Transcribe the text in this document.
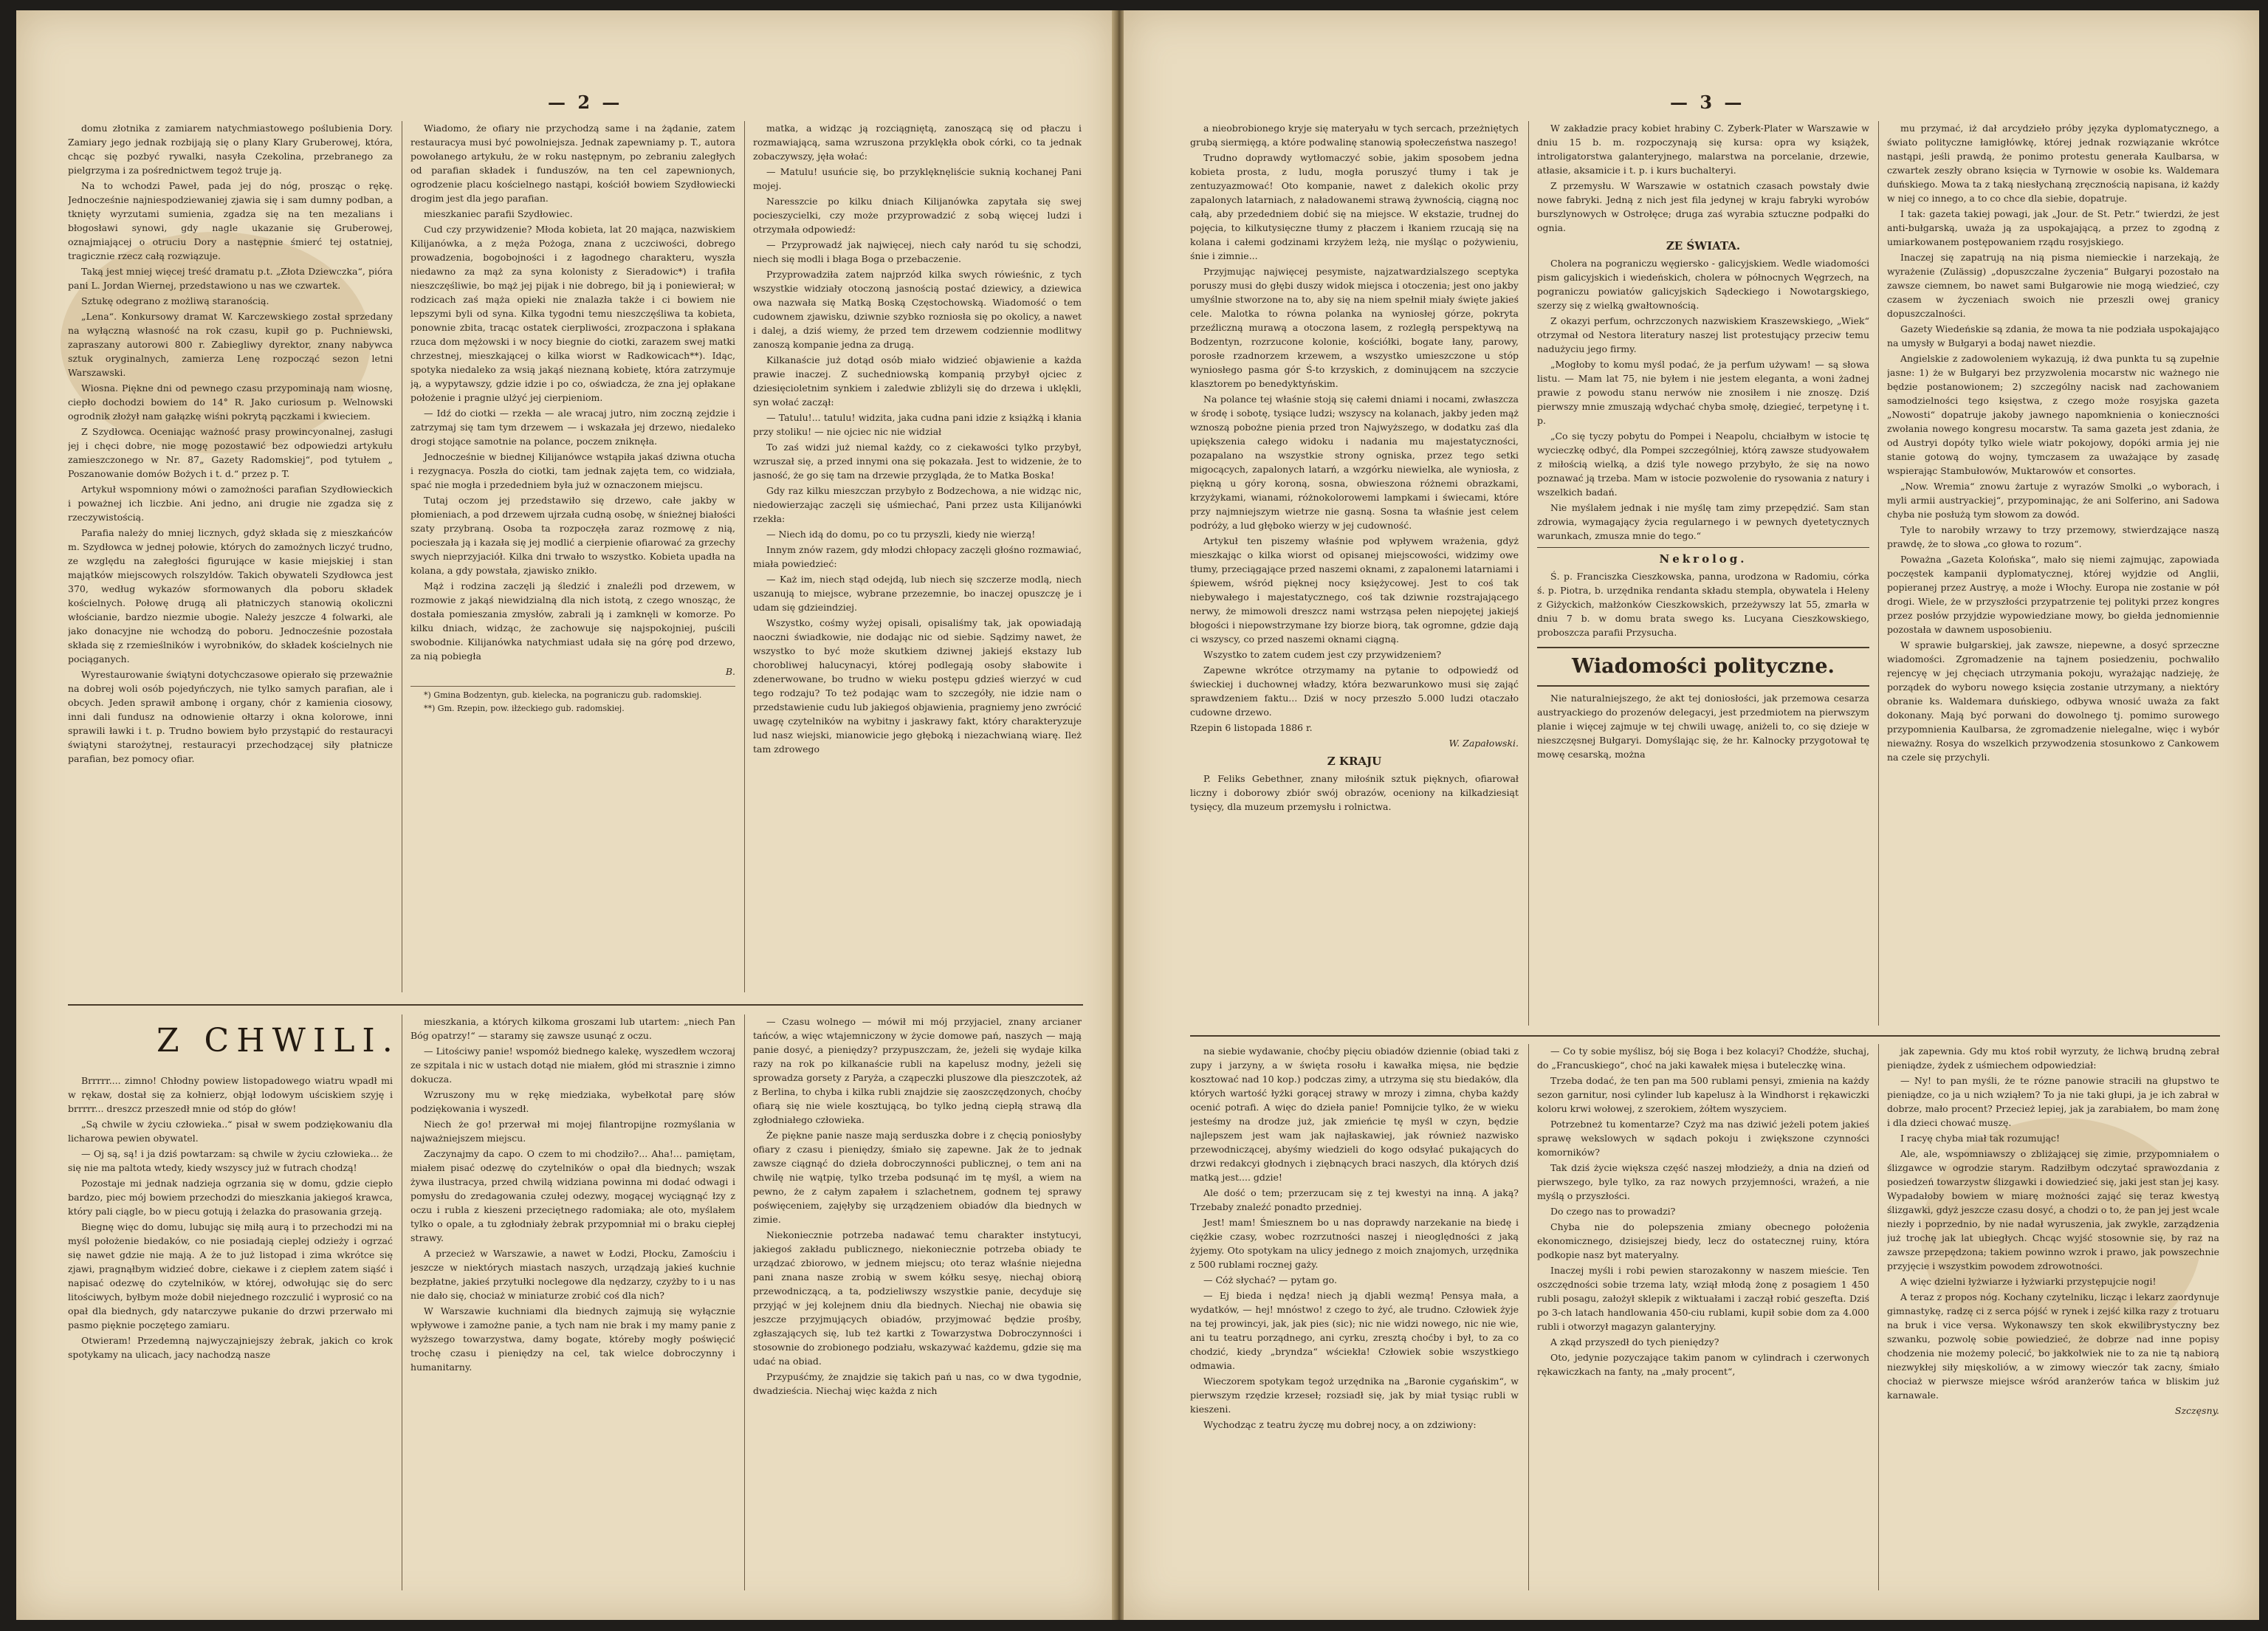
— 2 —

domu złotnika z zamiarem natychmiastowego poślubienia Dory. Zamiary jego jednak rozbijają się o plany Klary Gruberowej, która, chcąc się pozbyć rywalki, nasyła Czekolina, przebranego za pielgrzyma i za pośrednictwem tegoż truje ją.

Na to wchodzi Paweł, pada jej do nóg, prosząc o rękę. Jednocześnie najniespodziewaniej zjawia się i sam dumny podban, a tknięty wyrzutami sumienia, zgadza się na ten mezalians i błogosławi synowi, gdy nagle ukazanie się Gruberowej, oznajmiającej o otruciu Dory a następnie śmierć tej ostatniej, tragicznie rzecz całą rozwiązuje.

Taką jest mniej więcej treść dramatu p.t. „Złota Dziewczka“, pióra pani L. Jordan Wiernej, przedstawiono u nas we czwartek.

Sztukę odegrano z możliwą staranością.

„Lena“. Konkursowy dramat W. Karczewskiego został sprzedany na wyłączną własność na rok czasu, kupił go p. Puchniewski, zapraszany autorowi 800 r. Zabiegliwy dyrektor, znany nabywca sztuk oryginalnych, zamierza Lenę rozpocząć sezon letni Warszawski.

Wiosna. Piękne dni od pewnego czasu przypominają nam wiosnę, ciepło dochodzi bowiem do 14° R. Jako curiosum p. Welnowski ogrodnik złożył nam gałązkę wiśni pokrytą pączkami i kwieciem.

Z Szydłowca. Oceniając ważność prasy prowincyonalnej, zasługi jej i chęci dobre, nie mogę pozostawić bez odpowiedzi artykułu zamieszczonego w Nr. 87„ Gazety Radomskiej“, pod tytułem „ Poszanowanie domów Bożych i t. d.“ przez p. T.

Artykuł wspomniony mówi o zamożności parafian Szydłowieckich i poważnej ich liczbie. Ani jedno, ani drugie nie zgadza się z rzeczywistością.

Parafia należy do mniej licznych, gdyż składa się z mieszkańców m. Szydłowca w jednej połowie, których do zamożnych liczyć trudno, ze względu na załegłości figurujące w kasie miejskiej i stan majątków miejscowych rolszyldów. Takich obywateli Szydłowca jest 370, według wykazów sformowanych dla poboru składek kościelnych. Połowę drugą ali płatniczych stanowią okoliczni włościanie, bardzo niezmie ubogie. Należy jeszcze 4 folwarki, ale jako donacyjne nie wchodzą do poboru. Jednocześnie pozostała składa się z rzemieślników i wyrobników, do składek kościelnych nie pociąganych.

Wyrestaurowanie świątyni dotychczasowe opierało się przeważnie na dobrej woli osób pojedyńczych, nie tylko samych parafian, ale i obcych. Jeden sprawił ambonę i organy, chór z kamienia ciosowy, inni dali fundusz na odnowienie ołtarzy i okna kolorowe, inni sprawili ławki i t. p. Trudno bowiem było przystąpić do restauracyi świątyni starożytnej, restauracyi przechodzącej siły płatnicze parafian, bez pomocy ofiar.

Wiadomo, że ofiary nie przychodzą same i na żądanie, zatem restauracya musi być powolniejsza. Jednak zapewniamy p. T., autora powołanego artykułu, że w roku następnym, po zebraniu zaległych od parafian składek i funduszów, na ten cel zapewnionych, ogrodzenie placu kościelnego nastąpi, kościół bowiem Szydłowiecki drogim jest dla jego parafian.

mieszkaniec parafii Szydłowiec.

Cud czy przywidzenie? Młoda kobieta, lat 20 mająca, nazwiskiem Kilijanówka, a z męża Pożoga, znana z uczciwości, dobrego prowadzenia, bogobojności i z łagodnego charakteru, wyszła niedawno za mąż za syna kolonisty z Sieradowic*) i trafiła nieszczęśliwie, bo mąż jej pijak i nie dobrego, bił ją i poniewierał; w rodzicach zaś mąża opieki nie znalazła także i ci bowiem nie lepszymi byli od syna. Kilka tygodni temu nieszczęśliwa ta kobieta, ponownie zbita, tracąc ostatek cierpliwości, zrozpaczona i spłakana rzuca dom mężowski i w nocy biegnie do ciotki, zarazem swej matki chrzestnej, mieszkającej o kilka wiorst w Radkowicach**). Idąc, spotyka niedaleko za wsią jakąś nieznaną kobietę, która zatrzymuje ją, a wypytawszy, gdzie idzie i po co, oświadcza, że zna jej opłakane położenie i pragnie ulżyć jej cierpieniom.

— Idź do ciotki — rzekła — ale wracaj jutro, nim zoczną zejdzie i zatrzymaj się tam tym drzewem — i wskazała jej drzewo, niedaleko drogi stojące samotnie na polance, poczem zniknęła.

Jednocześnie w biednej Kilijanówce wstąpiła jakaś dziwna otucha i rezygnacya. Poszła do ciotki, tam jednak zajęta tem, co widziała, spać nie mogła i przededniem była już w oznaczonem miejscu.

Tutaj oczom jej przedstawiło się drzewo, całe jakby w płomieniach, a pod drzewem ujrzała cudną osobę, w śnieżnej białości szaty przybraną. Osoba ta rozpoczęła zaraz rozmowę z nią, pocieszała ją i kazała się jej modlić a cierpienie ofiarować za grzechy swych nieprzyjaciół. Kilka dni trwało to wszystko. Kobieta upadła na kolana, a gdy powstała, zjawisko znikło.

Mąż i rodzina zaczęli ją śledzić i znaleźli pod drzewem, w rozmowie z jakąś niewidzialną dla nich istotą, z czego wnosząc, że dostała pomieszania zmysłów, zabrali ją i zamknęli w komorze. Po kilku dniach, widząc, że zachowuje się najspokojniej, puścili swobodnie. Kilijanówka natychmiast udała się na górę pod drzewo, za nią pobiegła

B.

*) Gmina Bodzentyn, gub. kielecka, na pograniczu gub. radomskiej.

**) Gm. Rzepin, pow. iłżeckiego gub. radomskiej.

matka, a widząc ją rozciągniętą, zanoszącą się od płaczu i rozmawiającą, sama wzruszona przyklękła obok córki, co ta jednak zobaczywszy, jęła wołać:

— Matulu! usuńcie się, bo przyklęknęliście suknią kochanej Pani mojej.

Naresszcie po kilku dniach Kilijanówka zapytała się swej pocieszycielki, czy może przyprowadzić z sobą więcej ludzi i otrzymała odpowiedź:

— Przyprowadź jak najwięcej, niech cały naród tu się schodzi, niech się modli i błaga Boga o przebaczenie.

Przyprowadziła zatem najprzód kilka swych rówieśnic, z tych wszystkie widziały otoczoną jasnością postać dziewicy, a dziewica owa nazwała się Matką Boską Częstochowską. Wiadomość o tem cudownem zjawisku, dziwnie szybko rozniosła się po okolicy, a nawet i dalej, a dziś wiemy, że przed tem drzewem codziennie modlitwy zanoszą kompanie jedna za drugą.

Kilkanaście już dotąd osób miało widzieć objawienie a każda prawie inaczej. Z suchedniowską kompanią przybył ojciec z dziesięcioletnim synkiem i zaledwie zbliżyli się do drzewa i uklękli, syn wołać zaczął:

— Tatulu!... tatulu! widzita, jaka cudna pani idzie z książką i kłania przy stoliku! — nie ojciec nic nie widział

To zaś widzi już niemal każdy, co z ciekawości tylko przybył, wzruszał się, a przed innymi ona się pokazała. Jest to widzenie, że to jasność, że go się tam na drzewie przygląda, że to Matka Boska!

Gdy raz kilku mieszczan przybyło z Bodzechowa, a nie widząc nic, niedowierzając zaczęli się uśmiechać, Pani przez usta Kilijanówki rzekła:

— Niech idą do domu, po co tu przyszli, kiedy nie wierzą!

Innym znów razem, gdy młodzi chłopacy zaczęli głośno rozmawiać, miała powiedzieć:

— Każ im, niech stąd odejdą, lub niech się szczerze modlą, niech uszanują to miejsce, wybrane przezemnie, bo inaczej opuszczę je i udam się gdzieindziej.

Wszystko, cośmy wyżej opisali, opisaliśmy tak, jak opowiadają naoczni świadkowie, nie dodając nic od siebie. Sądzimy nawet, że wszystko to być może skutkiem dziwnej jakiejś ekstazy lub chorobliwej halucynacyi, której podlegają osoby słabowite i zdenerwowane, bo trudno w wieku postępu gdzieś wierzyć w cud tego rodzaju? To też podając wam to szczegóły, nie idzie nam o przedstawienie cudu lub jakiegoś objawienia, pragniemy jeno zwrócić uwagę czytelników na wybitny i jaskrawy fakt, który charakteryzuje lud nasz wiejski, mianowicie jego głęboką i niezachwianą wiarę. Ileż tam zdrowego

Z CHWILI.

Brrrrr.... zimno! Chłodny powiew listopadowego wiatru wpadł mi w rękaw, dostał się za kołnierz, objął lodowym uściskiem szyję i brrrrr... dreszcz przeszedł mnie od stóp do głów!

„Są chwile w życiu człowieka..“ pisał w swem podziękowaniu dla licharowa pewien obywatel.

— Oj są, są! i ja dziś powtarzam: są chwile w życiu człowieka... że się nie ma paltota wtedy, kiedy wszyscy już w futrach chodzą!

Pozostaje mi jednak nadzieja ogrzania się w domu, gdzie ciepło bardzo, piec mój bowiem przechodzi do mieszkania jakiegoś krawca, który pali ciągle, bo w piecu gotują i żelazka do prasowania grzeją.

Biegnę więc do domu, lubując się miłą aurą i to przechodzi mi na myśl położenie biedaków, co nie posiadają cieplej odzieży i ogrzać się nawet gdzie nie mają. A że to już listopad i zima wkrótce się zjawi, pragnąłbym widzieć dobre, ciekawe i z ciepłem zatem siąść i napisać odezwę do czytelników, w której, odwołując się do serc litościwych, byłbym może dobił niejednego rozczulić i wyprosić co na opał dla biednych, gdy natarczywe pukanie do drzwi przerwało mi pasmo pięknie poczętego zamiaru.

Otwieram! Przedemną najwyczajniejszy żebrak, jakich co krok spotykamy na ulicach, jacy nachodzą nasze

mieszkania, a których kilkoma groszami lub utartem: „niech Pan Bóg opatrzy!“ — staramy się zawsze usunąć z oczu.

— Litościwy panie! wspomóż biednego kalekę, wyszedłem wczoraj ze szpitala i nic w ustach dotąd nie miałem, głód mi strasznie i zimno dokucza.

Wzruszony mu w rękę miedziaka, wybełkotał parę słów podziękowania i wyszedł.

Niech że go! przerwał mi mojej filantropijne rozmyślania w najważniejszem miejscu.

Zaczynajmy da capo. O czem to mi chodziło?... Aha!... pamiętam, miałem pisać odezwę do czytelników o opał dla biednych; wszak żywa ilustracya, przed chwilą widziana powinna mi dodać odwagi i pomysłu do zredagowania czułej odezwy, mogącej wyciągnąć łzy z oczu i rubla z kieszeni przeciętnego radomiaka; ale oto, myślałem tylko o opale, a tu zgłodniały żebrak przypomniał mi o braku ciepłej strawy.

A przecież w Warszawie, a nawet w Łodzi, Płocku, Zamościu i jeszcze w niektórych miastach naszych, urządzają jakieś kuchnie bezpłatne, jakieś przytułki noclegowe dla nędzarzy, czyżby to i u nas nie dało się, chociaż w miniaturze zrobić coś dla nich?

W Warszawie kuchniami dla biednych zajmują się wyłącznie wpływowe i zamożne panie, a tych nam nie brak i my mamy panie z wyższego towarzystwa, damy bogate, któreby mogły poświęcić trochę czasu i pieniędzy na cel, tak wielce dobroczynny i humanitarny.

— Czasu wolnego — mówił mi mój przyjaciel, znany arcianer tańców, a więc wtajemniczony w życie domowe pań, naszych — mają panie dosyć, a pieniędzy? przypuszczam, że, jeżeli się wydaje kilka razy na rok po kilkanaście rubli na kapelusz modny, jeżeli się sprowadza gorsety z Paryża, a cząpeczki pluszowe dla pieszczotek, aż z Berlina, to chyba i kilka rubli znajdzie się zaoszczędzonych, choćby ofiarą się nie wiele kosztującą, bo tylko jedną ciepłą strawą dla zgłodniałego człowieka.

Że piękne panie nasze mają serduszka dobre i z chęcią poniosłyby ofiary z czasu i pieniędzy, śmiało się zapewne. Jak że to jednak zawsze ciągnąć do dzieła dobroczynności publicznej, o tem ani na chwilę nie wątpię, tylko trzeba podsunąć im tę myśl, a wiem na pewno, że z całym zapałem i szlachetnem, godnem tej sprawy poświęceniem, zajęłyby się urządzeniem obiadów dla biednych w zimie.

Niekoniecznie potrzeba nadawać temu charakter instytucyi, jakiegoś zakładu publicznego, niekoniecznie potrzeba obiady te urządzać zbiorowo, w jednem miejscu; oto teraz właśnie niejedna pani znana nasze zrobią w swem kółku sesyę, niechaj obiorą przewodniczącą, a ta, podzieliwszy wszystkie panie, decyduje się przyjąć w jej kolejnem dniu dla biednych. Niechaj nie obawia się jeszcze przyjmujących obiadów, przyjmować będzie prośby, zgłaszających się, lub też kartki z Towarzystwa Dobroczynności i stosownie do zrobionego podziału, wskazywać każdemu, gdzie się ma udać na obiad.

Przypuśćmy, że znajdzie się takich pań u nas, co w dwa tygodnie, dwadzieścia. Niechaj więc każda z nich

— 3 —

a nieobrobionego kryje się materyału w tych sercach, przeżniętych grubą siermięgą, a które podwalinę stanowią społeczeństwa naszego!

Trudno doprawdy wytłomaczyć sobie, jakim sposobem jedna kobieta prosta, z ludu, mogła poruszyć tłumy i tak je zentuzyazmować! Oto kompanie, nawet z dalekich okolic przy zapalonych latarniach, z naładowanemi strawą żywnością, ciągną noc całą, aby przededniem dobić się na miejsce. W ekstazie, trudnej do pojęcia, to kilkutysięczne tłumy z płaczem i łkaniem rzucają się na kolana i całemi godzinami krzyżem leżą, nie myśląc o pożywieniu, śnie i zimnie...

Przyjmując najwięcej pesymiste, najzatwardzialszego sceptyka poruszy musi do głębi duszy widok miejsca i otoczenia; jest ono jakby umyślnie stworzone na to, aby się na niem spełnił miały święte jakieś cele. Malotka to równa polanka na wyniosłej górze, pokryta przeźliczną murawą a otoczona lasem, z rozległą perspektywą na Bodzentyn, rozrzucone kolonie, kościółki, bogate łany, parowy, porosłe rzadnorzem krzewem, a wszystko umieszczone u stóp wyniosłego pasma gór Ś-to krzyskich, z dominującem na szczycie klasztorem po benedyktyńskim.

Na polance tej właśnie stoją się całemi dniami i nocami, zwłaszcza w środę i sobotę, tysiące ludzi; wszyscy na kolanach, jakby jeden mąż wznoszą pobożne pienia przed tron Najwyższego, w dodatku zaś dla upiększenia całego widoku i nadania mu majestatyczności, pozapalano na wszystkie strony ogniska, przez tego setki migocących, zapalonych latarń, a wzgórku niewielka, ale wyniosła, z piękną u góry koroną, sosna, obwieszona różnemi obrazkami, krzyżykami, wianami, różnokolorowemi lampkami i świecami, które przy najmniejszym wietrze nie gasną. Sosna ta właśnie jest celem podróży, a lud głęboko wierzy w jej cudowność.

Artykuł ten piszemy właśnie pod wpływem wrażenia, gdyż mieszkając o kilka wiorst od opisanej miejscowości, widzimy owe tłumy, przeciągające przed naszemi oknami, z zapalonemi latarniami i śpiewem, wśród pięknej nocy księżycowej. Jest to coś tak niebywałego i majestatycznego, coś tak dziwnie rozstrajającego nerwy, że mimowoli dreszcz nami wstrząsa pełen niepojętej jakiejś błogości i niepowstrzymane łzy biorze biorą, tak ogromne, gdzie dają ci wszyscy, co przed naszemi oknami ciągną.

Wszystko to zatem cudem jest czy przywidzeniem?

Zapewne wkrótce otrzymamy na pytanie to odpowiedź od świeckiej i duchownej władzy, która bezwarunkowo musi się zająć sprawdzeniem faktu... Dziś w nocy przeszło 5.000 ludzi otaczało cudowne drzewo.

Rzepin 6 listopada 1886 r.

W. Zapałowski.

Z KRAJU

P. Feliks Gebethner, znany miłośnik sztuk pięknych, ofiarował liczny i doborowy zbiór swój obrazów, oceniony na kilkadziesiąt tysięcy, dla muzeum przemysłu i rolnictwa.

W zakładzie pracy kobiet hrabiny C. Zyberk-Plater w Warszawie w dniu 15 b. m. rozpoczynają się kursa: opra wy książek, introligatorstwa galanteryjnego, malarstwa na porcelanie, drzewie, atłasie, aksamicie i t. p. i kurs buchalteryi.

Z przemysłu. W Warszawie w ostatnich czasach powstały dwie nowe fabryki. Jedną z nich jest fila jedynej w kraju fabryki wyrobów burszlynowych w Ostrołęce; druga zaś wyrabia sztuczne podpałki do ognia.

ZE ŚWIATA.

Cholera na pograniczu węgiersko - galicyjskiem. Wedle wiadomości pism galicyjskich i wiedeńskich, cholera w północnych Węgrzech, na pograniczu powiatów galicyjskich Sądeckiego i Nowotargskiego, szerzy się z wielką gwałtownością.

Z okazyi perfum, ochrzczonych nazwiskiem Kraszewskiego, „Wiek“ otrzymał od Nestora literatury naszej list protestujący przeciw temu nadużyciu jego firmy.

„Mogłoby to komu myśl podać, że ja perfum używam! — są słowa listu. — Mam lat 75, nie byłem i nie jestem eleganta, a woni żadnej prawie z powodu stanu nerwów nie znosiłem i nie znoszę. Dziś pierwszy mnie zmuszają wdychać chyba smołę, dziegieć, terpetynę i t. p.

„Co się tyczy pobytu do Pompei i Neapolu, chciałbym w istocie tę wycieczkę odbyć, dla Pompei szczególniej, którą zawsze studyowałem z miłością wielką, a dziś tyle nowego przybyło, że się na nowo poznawać ją trzeba. Mam w istocie pozwolenie do rysowania z natury i wszelkich badań.

Nie myślałem jednak i nie myślę tam zimy przepędzić. Sam stan zdrowia, wymagający życia regularnego i w pewnych dyetetycznych warunkach, zmusza mnie do tego.“

Nekrolog.

Ś. p. Franciszka Cieszkowska, panna, urodzona w Radomiu, córka ś. p. Piotra, b. urzędnika rendanta składu stempla, obywatela i Heleny z Giżyckich, małżonków Cieszkowskich, przeżywszy lat 55, zmarła w dniu 7 b. w domu brata swego ks. Lucyana Cieszkowskiego, proboszcza parafii Przysucha.

Wiadomości polityczne.

Nie naturalniejszego, że akt tej doniosłości, jak przemowa cesarza austryackiego do prozenów delegacyi, jest przedmiotem na pierwszym planie i więcej zajmuje w tej chwili uwagę, aniżeli to, co się dzieje w nieszczęsnej Bułgaryi. Domyślając się, że hr. Kalnocky przygotował tę mowę cesarską, można

mu przymać, iż dał arcydzieło próby języka dyplomatycznego, a świato polityczne łamigłówkę, której jednak rozwiązanie wkrótce nastąpi, jeśli prawdą, że ponimo protestu generała Kaulbarsa, w czwartek zeszły obrano księcia w Tyrnowie w osobie ks. Waldemara duńskiego. Mowa ta z taką niesłychaną zręcznością napisana, iż każdy w niej co innego, a to co chce dla siebie, dopatruje.

I tak: gazeta takiej powagi, jak „Jour. de St. Petr.“ twierdzi, że jest anti-bułgarską, uważa ją za uspokajającą, a przez to zgodną z umiarkowanem postępowaniem rządu rosyjskiego.

Inaczej się zapatrują na nią pisma niemieckie i narzekają, że wyrażenie (Zulässig) „dopuszczalne życzenia“ Bułgaryi pozostało na zawsze ciemnem, bo nawet sami Bułgarowie nie mogą wiedzieć, czy czasem w życzeniach swoich nie przeszli owej granicy dopuszczalności.

Gazety Wiedeńskie są zdania, że mowa ta nie podziała uspokajająco na umysły w Bułgaryi a bodaj nawet niezdie.

Angielskie z zadowoleniem wykazują, iż dwa punkta tu są zupełnie jasne: 1) że w Bułgaryi bez przyzwolenia mocarstw nic ważnego nie będzie postanowionem; 2) szczególny nacisk nad zachowaniem samodzielności tego księstwa, z czego może rosyjska gazeta „Nowosti“ dopatruje jakoby jawnego napomknienia o konieczności zwołania nowego kongresu mocarstw. Ta sama gazeta jest zdania, że od Austryi dopóty tylko wiele wiatr pokojowy, dopóki armia jej nie stanie gotową do wojny, tymczasem za uważające by zasadę wspierając Stambułowów, Muktarowów et consortes.

„Now. Wremia“ znowu żartuje z wyrazów Smolki „o wyborach, i myli armii austryackiej“, przypominając, że ani Solferino, ani Sadowa chyba nie posłużą tym słowom za dowód.

Tyle to narobiły wrzawy to trzy przemowy, stwierdzające naszą prawdę, że to słowa „co głowa to rozum“.

Poważna „Gazeta Kolońska“, mało się niemi zajmując, zapowiada poczęstek kampanii dyplomatycznej, której wyjdzie od Anglii, popieranej przez Austryę, a może i Włochy. Europa nie zostanie w pół drogi. Wiele, że w przyszłości przypatrzenie tej polityki przez kongres przez posłów przyjdzie wypowiedziane mowy, bo giełda jednomiennie pozostała w dawnem usposobieniu.

W sprawie bułgarskiej, jak zawsze, niepewne, a dosyć sprzeczne wiadomości. Zgromadzenie na tajnem posiedzeniu, pochwaliło rejencyę w jej chęciach utrzymania pokoju, wyrażając nadzieję, że porządek do wyboru nowego księcia zostanie utrzymany, a niektóry obranie ks. Waldemara duńskiego, odbywa wnosić uważa za fakt dokonany. Mają być porwani do dowolnego tj. pomimo surowego przypomnienia Kaulbarsa, że zgromadzenie nielegalne, więc i wybór nieważny. Rosya do wszelkich przywodzenia stosunkowo z Cankowem na czele się przychyli.

na siebie wydawanie, choćby pięciu obiadów dziennie (obiad taki z zupy i jarzyny, a w święta rosołu i kawałka mięsa, nie będzie kosztować nad 10 kop.) podczas zimy, a utrzyma się stu biedaków, dla których wartość łyżki gorącej strawy w mrozy i zimna, chyba każdy ocenić potrafi. A więc do dzieła panie! Pomnijcie tylko, że w wieku jesteśmy na drodze już, jak zmieńcie tę myśl w czyn, będzie najlepszem jest wam jak najłaskawiej, jak również nazwisko przewodniczącej, abyśmy wiedzieli do kogo odsyłać pukających do drzwi redakcyi głodnych i ziębnących braci naszych, dla których dziś matką jest.... gdzie!

Ale dość o tem; przerzucam się z tej kwestyi na inną. A jaką? Trzebaby znaleźć ponadto przedniej.

Jest! mam! Śmiesznem bo u nas doprawdy narzekanie na biedę i ciężkie czasy, wobec rozrzutności naszej i nieoględności z jaką żyjemy. Oto spotykam na ulicy jednego z moich znajomych, urzędnika z 500 rublami rocznej gaży.

— Cóż słychać? — pytam go.

— Ej bieda i nędza! niech ją djabli wezmą! Pensya mała, a wydatków, — hej! mnóstwo! z czego to żyć, ale trudno. Człowiek żyje na tej prowincyi, jak, jak pies (sic); nic nie widzi nowego, nic nie wie, ani tu teatru porządnego, ani cyrku, zresztą choćby i był, to za co chodzić, kiedy „bryndza“ wściekła! Człowiek sobie wszystkiego odmawia.

Wieczorem spotykam tegoż urzędnika na „Baronie cygańskim“, w pierwszym rzędzie krzeseł; rozsiadł się, jak by miał tysiąc rubli w kieszeni.

Wychodząc z teatru życzę mu dobrej nocy, a on zdziwiony:

— Co ty sobie myślisz, bój się Boga i bez kolacyi? Chodźże, słuchaj, do „Francuskiego“, choć na jaki kawałek mięsa i buteleczkę wina.

Trzeba dodać, że ten pan ma 500 rublami pensyi, zmienia na każdy sezon garnitur, nosi cylinder lub kapelusz à la Windhorst i rękawiczki koloru krwi wołowej, z szerokiem, żółtem wyszyciem.

Potrzebneż tu komentarze? Czyż ma nas dziwić jeżeli potem jakieś sprawę wekslowych w sądach pokoju i zwiększone czynności komorników?

Tak dziś życie większa część naszej młodzieży, a dnia na dzień od pierwszego, byle tylko, za raz nowych przyjemności, wrażeń, a nie myślą o przyszłości.

Do czego nas to prowadzi?

Chyba nie do polepszenia zmiany obecnego położenia ekonomicznego, dzisiejszej biedy, lecz do ostatecznej ruiny, która podkopie nasz byt materyalny.

Inaczej myśli i robi pewien starozakonny w naszem mieście. Ten oszczędności sobie trzema laty, wziął młodą żonę z posagiem 1 450 rubli posagu, założył sklepik z wiktuałami i zaczął robić geszefta. Dziś po 3-ch latach handlowania 450-ciu rublami, kupił sobie dom za 4.000 rubli i otworzył magazyn galanteryjny.

A zkąd przyszedł do tych pieniędzy?

Oto, jedynie pozyczające takim panom w cylindrach i czerwonych rękawiczkach na fanty, na „mały procent“,

jak zapewnia. Gdy mu ktoś robił wyrzuty, że lichwą brudną zebrał pieniądze, żydek z uśmiechem odpowiedział:

— Ny! to pan myśli, że te rózne panowie straciłi na głupstwo te pieniądze, co ja u nich wziąłem? To ja nie taki głupi, ja je ich zabrał w dobrze, mało procent? Przecież lepiej, jak ja zarabiałem, bo mam żonę i dla dzieci chować muszę.

I racyę chyba miał tak rozumując!

Ale, ale, wspomniawszy o zbliżającej się zimie, przypomniałem o ślizgawce w ogrodzie starym. Radziłbym odczytać sprawozdania z posiedzeń towarzystw ślizgawki i dowiedzieć się, jaki jest stan jej kasy. Wypadałoby bowiem w miarę możności zająć się teraz kwestyą ślizgawki, gdyż jeszcze czasu dosyć, a chodzi o to, że pan jej jest wcale niezły i poprzednio, by nie nadał wyruszenia, jak zwykle, zarządzenia już trochę jak lat ubiegłych. Chcąc wyjść stosownie się, by raz na zawsze przepędzona; takiem powinno wzrok i prawo, jak powszechnie przyjęcie i wszystkim powodem zdrowotności.

A więc dzielni łyżwiarze i łyżwiarki przystępujcie nogi!

A teraz z propos nóg. Kochany czytelniku, licząc i lekarz zaordynuje gimnastykę, radzę ci z serca pójść w rynek i zejść kilka razy z trotuaru na bruk i vice versa. Wykonawszy ten skok ekwilibrystyczny bez szwanku, pozwolę sobie powiedzieć, że dobrze nad inne popisy chodzenia nie możemy polecić, bo jakkolwiek nie to za nie tą nabiorą niezwykłej siły mięskoliów, a w zimowy wieczór tak zacny, śmiało chociaż w pierwsze miejsce wśród aranżerów tańca w bliskim już karnawale.

Szczęsny.
